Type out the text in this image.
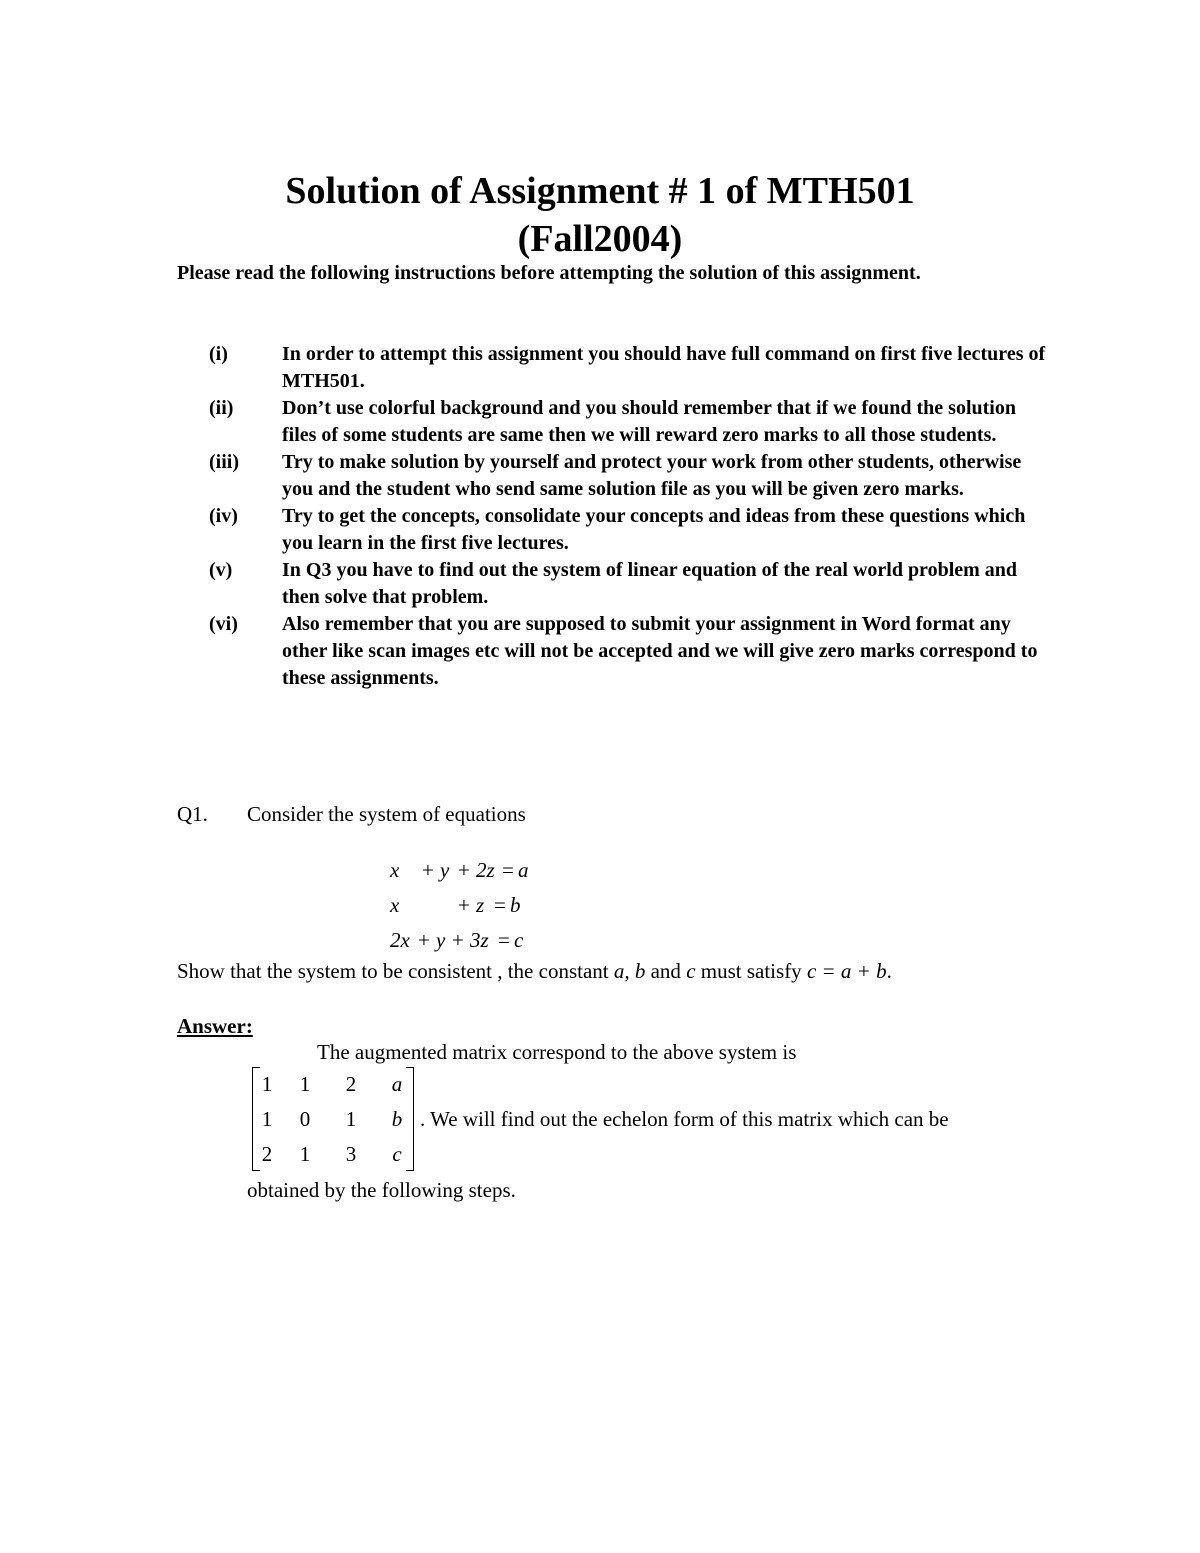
Solution of Assignment # 1 of MTH501
(Fall2004)

Please read the following instructions before attempting the solution of this assignment.

(i)	In order to attempt this assignment you should have full command on first five lectures of MTH501.
(ii)	Don’t use colorful background and you should remember that if we found the solution files of some students are same then we will reward zero marks to all those students.
(iii)	Try to make solution by yourself and protect your work from other students, otherwise you and the student who send same solution file as you will be given zero marks.
(iv)	Try to get the concepts, consolidate your concepts and ideas from these questions which you learn in the first five lectures.
(v)	In Q3 you have to find out the system of linear equation of the real world problem and then solve that problem.
(vi)	Also remember that you are supposed to submit your assignment in Word format any other like scan images etc will not be accepted and we will give zero marks correspond to these assignments.

Q1. Consider the system of equations

x + y + 2z = a
x	+ z = b
2x + y + 3z = c

Show that the system to be consistent , the constant a, b and c must satisfy c = a + b.

Answer:

The augmented matrix correspond to the above system is

1	1	2	a
1	0	1	b
2	1	3	c

. We will find out the echelon form of this matrix which can be

obtained by the following steps.
